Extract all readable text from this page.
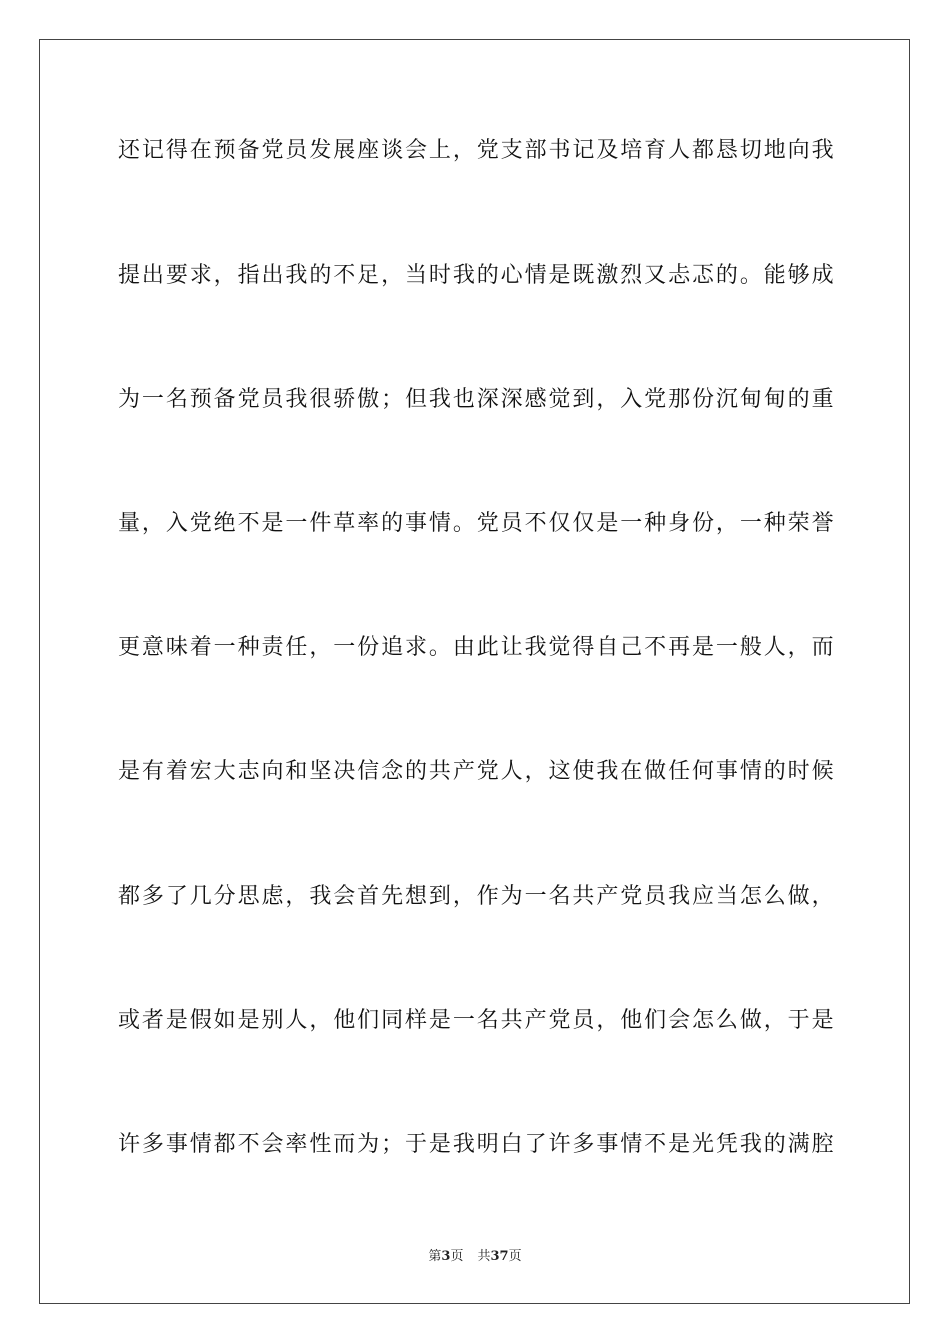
还记得在预备党员发展座谈会上，党支部书记及培育人都恳切地向我

提出要求，指出我的不足，当时我的心情是既激烈又忐忑的。能够成

为一名预备党员我很骄傲；但我也深深感觉到，入党那份沉甸甸的重

量，入党绝不是一件草率的事情。党员不仅仅是一种身份，一种荣誉

更意味着一种责任，一份追求。由此让我觉得自己不再是一般人，而

是有着宏大志向和坚决信念的共产党人，这使我在做任何事情的时候

都多了几分思虑，我会首先想到，作为一名共产党员我应当怎么做，

或者是假如是别人，他们同样是一名共产党员，他们会怎么做，于是

许多事情都不会率性而为；于是我明白了许多事情不是光凭我的满腔

第3页 共37页
